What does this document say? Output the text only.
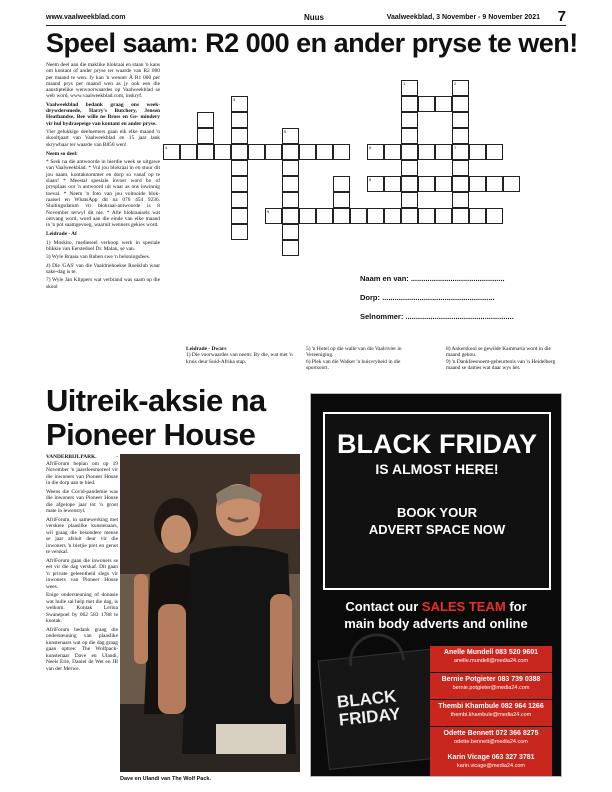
www.vaalweekblad.com	Nuus	Vaalweekblad, 3 November - 9 November 2021 7
Speel saam: R2 000 en ander pryse te wen!

Neem deel aan die maklike blokraai en staan 'n kans om kontant of ander pryse ter waarde van R2 000 per maand te wen. Jy kan 'n wenner Ã R1 000 per maand prys per maand wen as jy ook een die aanstiptelike wenvoorwaardes op Vaalweekblad se web word, www.vaalweekblad.com, inskryf.

Vaalweekblad bedank graag ons week- drywdersmede, Harry's Butchery, Jensen Heathandse, Bee wille ne Bross en Ge- mindery vir hul bydraepeige van kontant en ander pryse.

Vier gelukkige deelnemers gaan elk elke maand 'n skooltjaart van Vaalweekblad en 15 jaar lank skrywbaar ter waarde van R850 wen!

Neem so deel:

* Sesk na die antwoorde in hierdie week se uitgawe van Vaalweekblad. * Vul jou blokraai in en stuur dit jou naam, kontaknommer en dorp so vanaf op te slaan! * Meestal spesiale invoer word bo of prysplaas oor 'n antwoord uit waar as ons inwinnig toeval. * Neem 'n foto van jou voltooide blok- raaisel en WhatsApp dit na 076 454 9236. Sluitingsdatum vir blokraai-antwoorde is 8 November terwyl dit nie. * Alle blokraaisels wat ontvang word, word aan die einde van elke maand in 'n pot saamgevoeg, waaruit wenners gekies word.

Leidrade - Af

1) Moskito, medieseel verkoop werk in spesiale blikkie van Eerstedoel Dr. Malan, se van.

3) Wyle Braaia van Ruben swe 'n beloningsfees.

4) Die 'GAS' van die Vaaldriehoekse Roeiklub waar sake-dag is te.

7) Wyle Jan Klippers wat verbrand was saam op die skool

1	2
3
4
5
6	7
8
9
Naam en van: .............................................
Dorp: ......................................................
Selnommer: ....................................................
Leidrade - Dwars
1) Die voorwaardes van neem: By die, wat met 'n kruis deur Suid-Afrika stap.
5) 'n Hotel op die walle van die Vaalrivier in Vereeniging.
6) Plek van die Walker 'n huisvryheid in die sportsoort.
8) Ankerskool se gewilde Kammaria word in die maand gehou.
9) 'n Dankfeesnoem-gebeurtenis van 'n Heidelberg maand se dames wat daar wys het.
Uitreik-aksie na Pioneer House

VANDERBIJLPARK. - AfriForum beplan om op 19 November 'n jaarsfeesmoreel vir die inwoners van Pioneer House in die dorp aan te bied.

Weens die Covid-pandemie was die inwoners van Pioneer House die afgelope jaar tot 'n groot mate in lewenstyl.

AfriForum, in samewerking met verskeie plaaslike kunstenaars, wil graag die besondere mense se jaar afsluit deur vir die inwoners 'n bietjie pret en genot te verskaf.

AfriForum gaan die inwoners se eet vir die dag verskaf. Dit gaan 'n private geleentheid slegs vir inwoners van Pioneer House wees.

Enige ondersteuning of donasie wat hulle sal help met die dag, is welkom. Kontak Lerina Swanepoel by 062 583 1788 te kontak.

AfriForum bedank graag die ondersteuning van plaaslike kunstenaars wat op die dag graag gaan optree: The Wolfpack-kunstenaar Dave en Ulandi, Neels Erie, Daniel de Wet en JB van der Merwe.

Dave en Ulandi van The Wolf Pack.
BLACK FRIDAY
IS ALMOST HERE!
BOOK YOUR
ADVERT SPACE NOW
Contact our SALES TEAM for
main body adverts and online
BLACK
FRIDAY
Anelle Mundell 083 520 9601
anelle.mundell@media24.com
Bernie Potgieter 083 739 0388
bernie.potgieter@media24.com
Thembi Khambule 082 964 1266
thembi.khambule@media24.com
Odette Bennett 072 366 8275
odette.bennett@media24.com
Karin Vicage 063 327 3781
karin.vicage@media24.com
